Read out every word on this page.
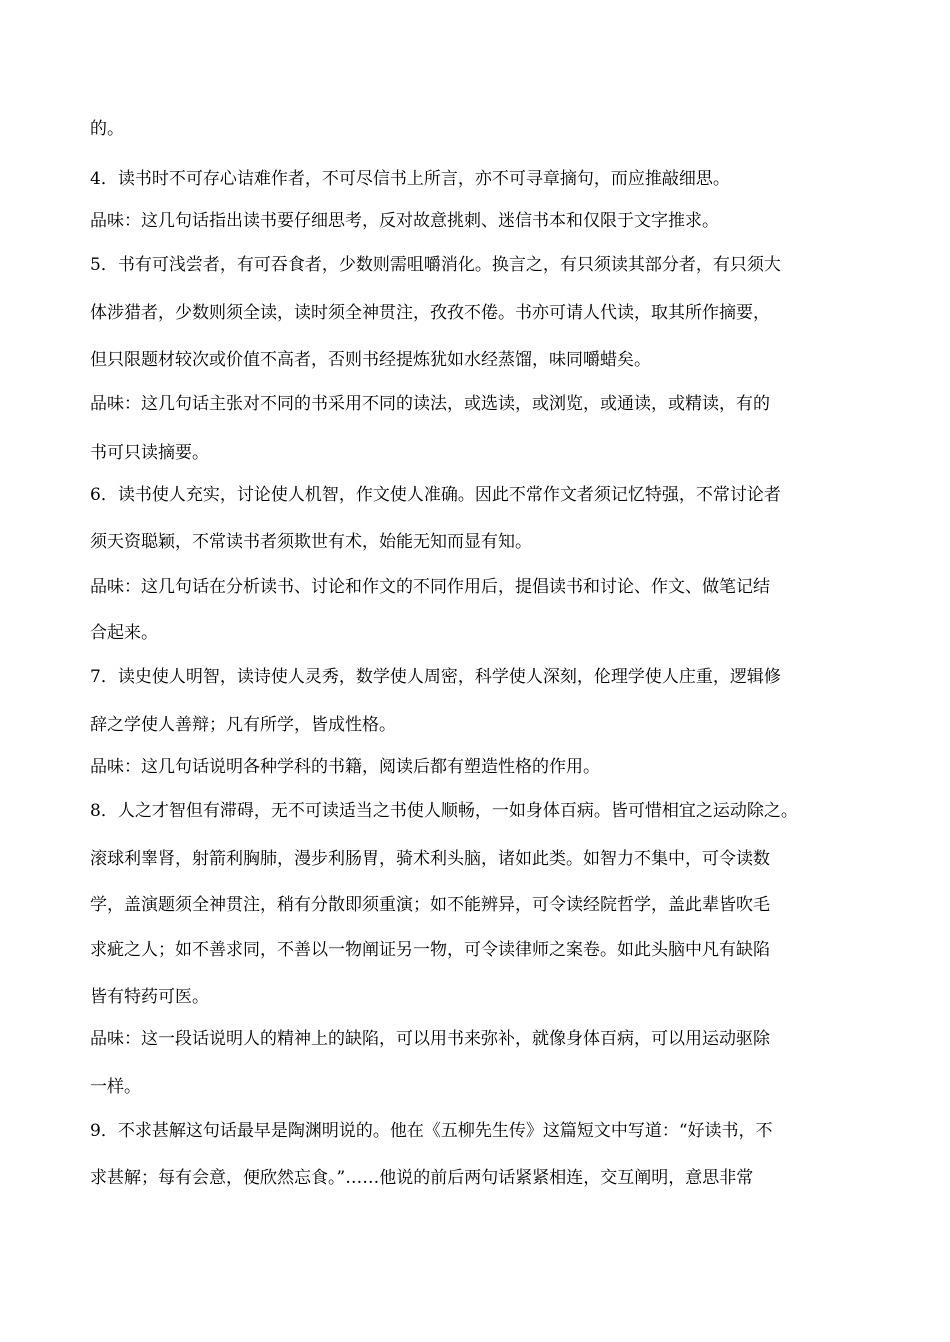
的。
4．读书时不可存心诘难作者，不可尽信书上所言，亦不可寻章摘句，而应推敲细思。
品味：这几句话指出读书要仔细思考，反对故意挑刺、迷信书本和仅限于文字推求。
5．书有可浅尝者，有可吞食者，少数则需咀嚼消化。换言之，有只须读其部分者，有只须大
体涉猎者，少数则须全读，读时须全神贯注，孜孜不倦。书亦可请人代读，取其所作摘要，
但只限题材较次或价值不高者，否则书经提炼犹如水经蒸馏，味同嚼蜡矣。
品味：这几句话主张对不同的书采用不同的读法，或选读，或浏览，或通读，或精读，有的
书可只读摘要。
6．读书使人充实，讨论使人机智，作文使人准确。因此不常作文者须记忆特强，不常讨论者
须天资聪颖，不常读书者须欺世有术，始能无知而显有知。
品味：这几句话在分析读书、讨论和作文的不同作用后，提倡读书和讨论、作文、做笔记结
合起来。
7．读史使人明智，读诗使人灵秀，数学使人周密，科学使人深刻，伦理学使人庄重，逻辑修
辞之学使人善辩；凡有所学，皆成性格。
品味：这几句话说明各种学科的书籍，阅读后都有塑造性格的作用。
8．人之才智但有滞碍，无不可读适当之书使人顺畅，一如身体百病。皆可惜相宜之运动除之。
滚球利睾肾，射箭利胸肺，漫步利肠胃，骑术利头脑，诸如此类。如智力不集中，可令读数
学，盖演题须全神贯注，稍有分散即须重演；如不能辨异，可令读经院哲学，盖此辈皆吹毛
求疵之人；如不善求同，不善以一物阐证另一物，可令读律师之案卷。如此头脑中凡有缺陷
皆有特药可医。
品味：这一段话说明人的精神上的缺陷，可以用书来弥补，就像身体百病，可以用运动驱除
一样。
9．不求甚解这句话最早是陶渊明说的。他在《五柳先生传》这篇短文中写道：“好读书，不
求甚解；每有会意，便欣然忘食。”……他说的前后两句话紧紧相连，交互阐明，意思非常
